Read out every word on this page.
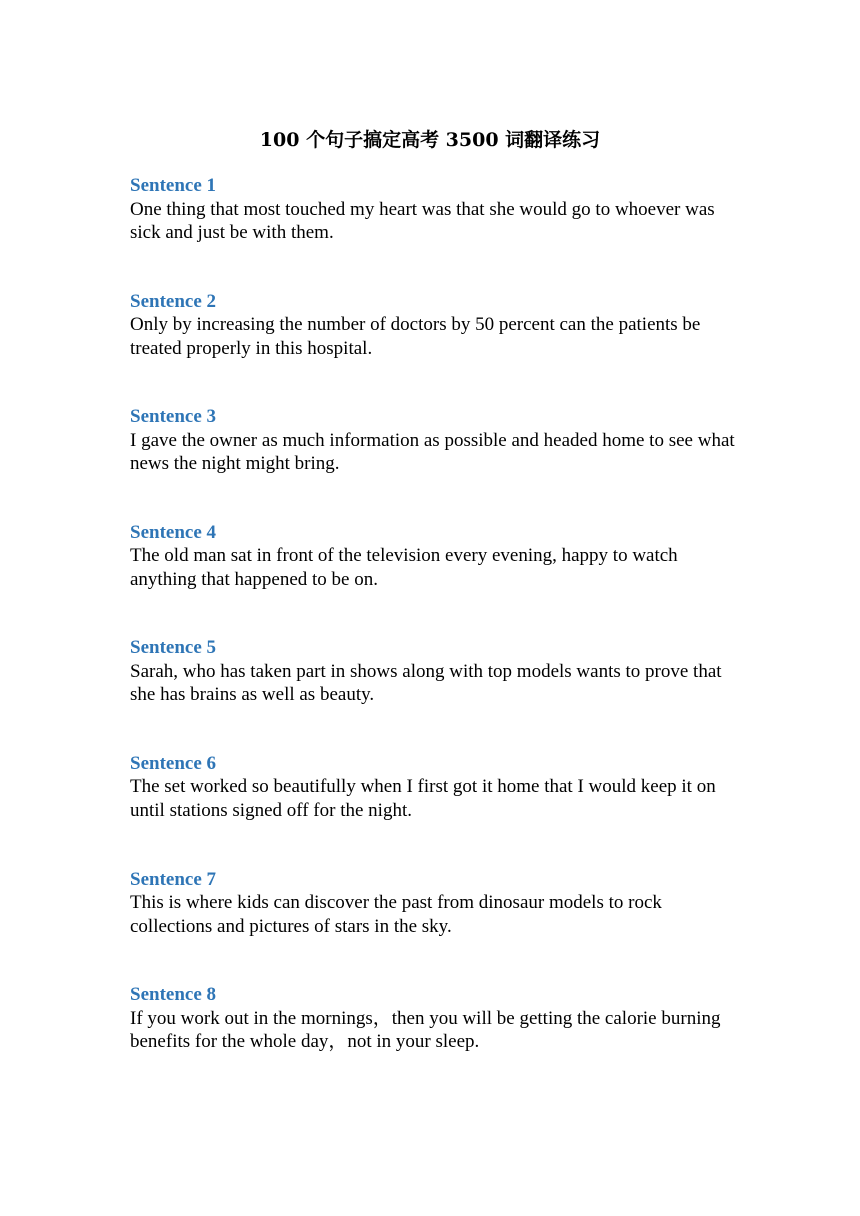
100 个句子搞定高考 3500 词翻译练习
Sentence 1
One thing that most touched my heart was that she would go to whoever was sick and just be with them.
Sentence 2
Only by increasing the number of doctors by 50 percent can the patients be treated properly in this hospital.
Sentence 3
I gave the owner as much information as possible and headed home to see what news the night might bring.
Sentence 4
The old man sat in front of the television every evening, happy to watch anything that happened to be on.
Sentence 5
Sarah, who has taken part in shows along with top models wants to prove that she has brains as well as beauty.
Sentence 6
The set worked so beautifully when I first got it home that I would keep it on until stations signed off for the night.
Sentence 7
This is where kids can discover the past from dinosaur models to rock collections and pictures of stars in the sky.
Sentence 8
If you work out in the mornings，then you will be getting the calorie burning benefits for the whole day，not in your sleep.
